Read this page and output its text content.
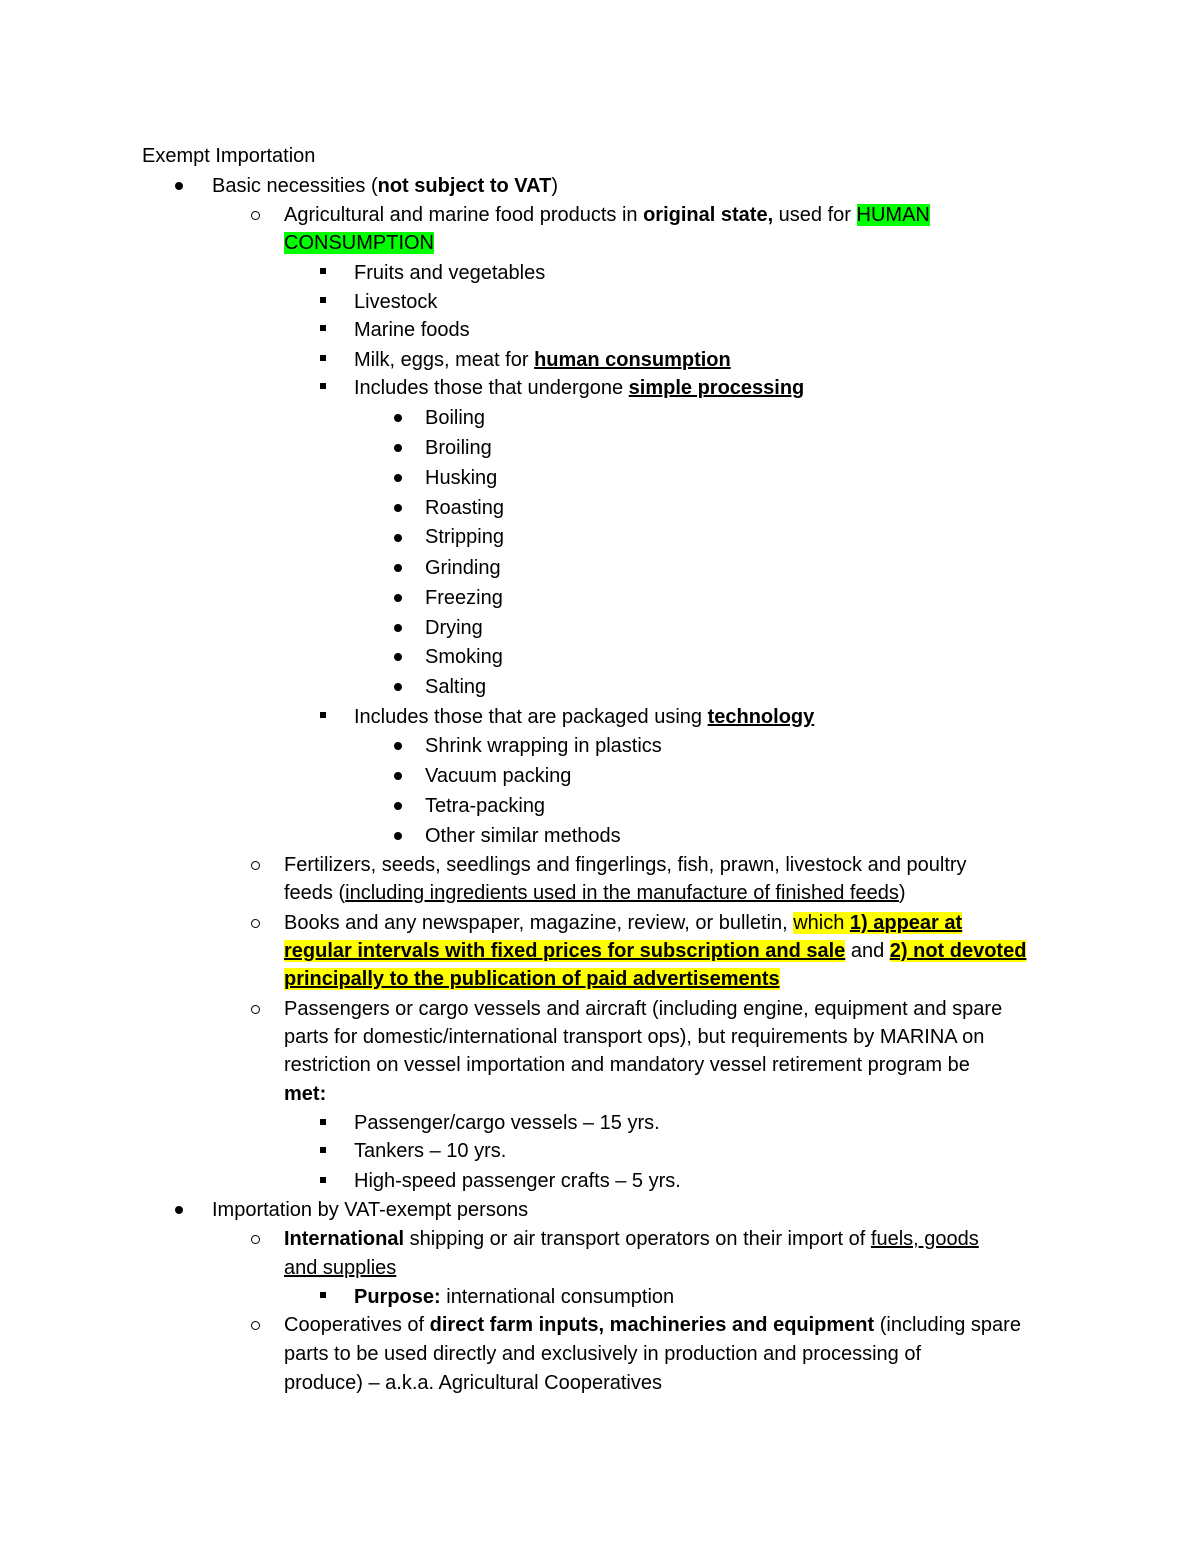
Exempt Importation
Basic necessities (not subject to VAT)
Agricultural and marine food products in original state, used for HUMAN
CONSUMPTION
Fruits and vegetables
Livestock
Marine foods
Milk, eggs, meat for human consumption
Includes those that undergone simple processing
Boiling
Broiling
Husking
Roasting
Stripping
Grinding
Freezing
Drying
Smoking
Salting
Includes those that are packaged using technology
Shrink wrapping in plastics
Vacuum packing
Tetra-packing
Other similar methods
Fertilizers, seeds, seedlings and fingerlings, fish, prawn, livestock and poultry
feeds (including ingredients used in the manufacture of finished feeds)
Books and any newspaper, magazine, review, or bulletin, which 1) appear at
regular intervals with fixed prices for subscription and sale and 2) not devoted
principally to the publication of paid advertisements
Passengers or cargo vessels and aircraft (including engine, equipment and spare
parts for domestic/international transport ops), but requirements by MARINA on
restriction on vessel importation and mandatory vessel retirement program be
met:
Passenger/cargo vessels – 15 yrs.
Tankers – 10 yrs.
High-speed passenger crafts – 5 yrs.
Importation by VAT-exempt persons
International shipping or air transport operators on their import of fuels, goods
and supplies
Purpose: international consumption
Cooperatives of direct farm inputs, machineries and equipment (including spare
parts to be used directly and exclusively in production and processing of
produce) – a.k.a. Agricultural Cooperatives
